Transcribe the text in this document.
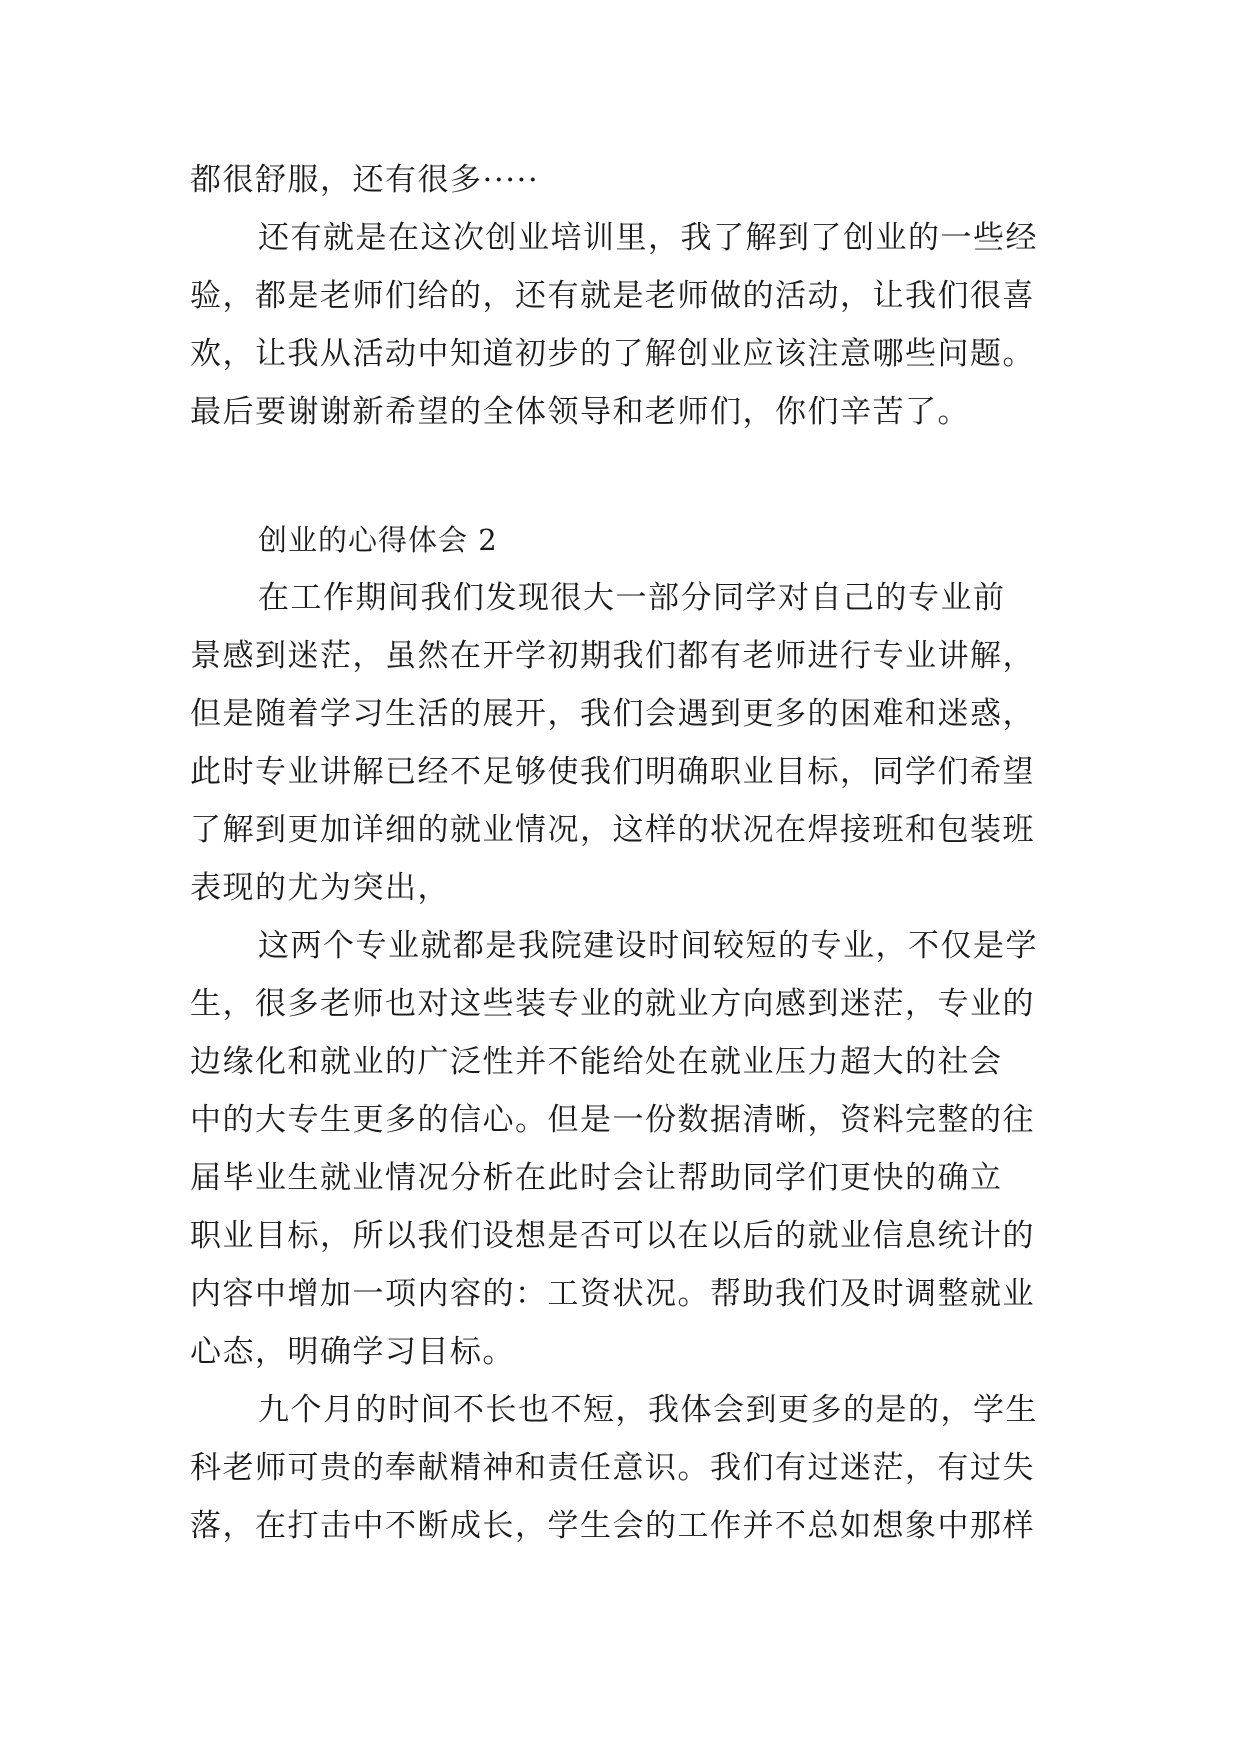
都很舒服，还有很多·····
还有就是在这次创业培训里，我了解到了创业的一些经
验，都是老师们给的，还有就是老师做的活动，让我们很喜
欢，让我从活动中知道初步的了解创业应该注意哪些问题。
最后要谢谢新希望的全体领导和老师们，你们辛苦了。
创业的心得体会 2
在工作期间我们发现很大一部分同学对自己的专业前
景感到迷茫，虽然在开学初期我们都有老师进行专业讲解，
但是随着学习生活的展开，我们会遇到更多的困难和迷惑，
此时专业讲解已经不足够使我们明确职业目标，同学们希望
了解到更加详细的就业情况，这样的状况在焊接班和包装班
表现的尤为突出，
这两个专业就都是我院建设时间较短的专业，不仅是学
生，很多老师也对这些装专业的就业方向感到迷茫，专业的
边缘化和就业的广泛性并不能给处在就业压力超大的社会
中的大专生更多的信心。但是一份数据清晰，资料完整的往
届毕业生就业情况分析在此时会让帮助同学们更快的确立
职业目标，所以我们设想是否可以在以后的就业信息统计的
内容中增加一项内容的：工资状况。帮助我们及时调整就业
心态，明确学习目标。
九个月的时间不长也不短，我体会到更多的是的，学生
科老师可贵的奉献精神和责任意识。我们有过迷茫，有过失
落，在打击中不断成长，学生会的工作并不总如想象中那样
